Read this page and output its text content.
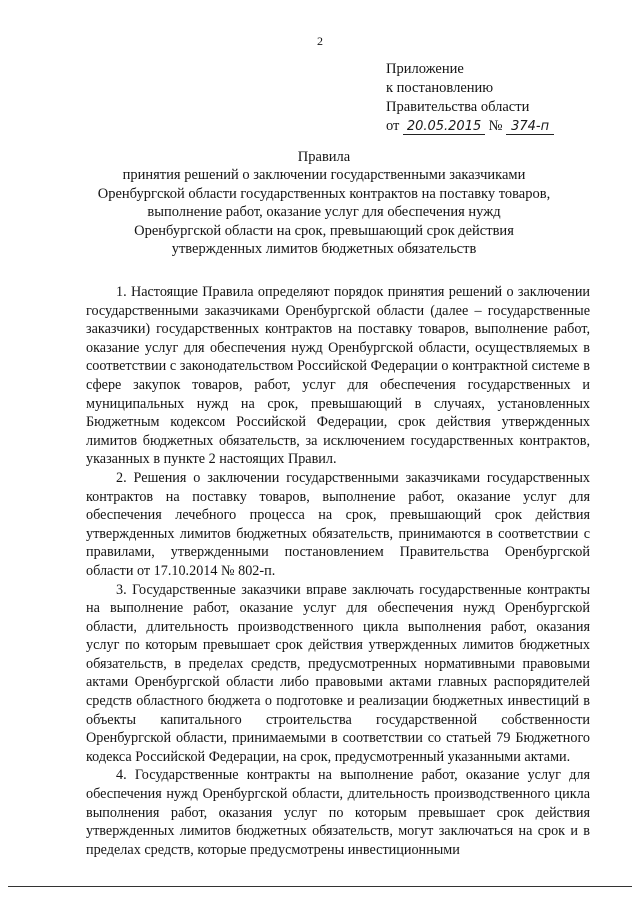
2
Приложение
к постановлению
Правительства области
от 20.05.2015 № 374-п
Правила
принятия решений о заключении государственными заказчиками
Оренбургской области государственных контрактов на поставку товаров,
выполнение работ, оказание услуг для обеспечения нужд
Оренбургской области на срок, превышающий срок действия
утвержденных лимитов бюджетных обязательств

1. Настоящие Правила определяют порядок принятия решений о заключении государственными заказчиками Оренбургской области (далее – государственные заказчики) государственных контрактов на поставку товаров, выполнение работ, оказание услуг для обеспечения нужд Оренбургской области, осуществляемых в соответствии с законодательством Российской Федерации о контрактной системе в сфере закупок товаров, работ, услуг для обеспечения государственных и муниципальных нужд на срок, превышающий в случаях, установленных Бюджетным кодексом Российской Федерации, срок действия утвержденных лимитов бюджетных обязательств, за исключением государственных контрактов, указанных в пункте 2 настоящих Правил.

2. Решения о заключении государственными заказчиками государственных контрактов на поставку товаров, выполнение работ, оказание услуг для обеспечения лечебного процесса на срок, превышающий срок действия утвержденных лимитов бюджетных обязательств, принимаются в соответствии с правилами, утвержденными постановлением Правительства Оренбургской области от 17.10.2014 № 802-п.

3. Государственные заказчики вправе заключать государственные контракты на выполнение работ, оказание услуг для обеспечения нужд Оренбургской области, длительность производственного цикла выполнения работ, оказания услуг по которым превышает срок действия утвержденных лимитов бюджетных обязательств, в пределах средств, предусмотренных нормативными правовыми актами Оренбургской области либо правовыми актами главных распорядителей средств областного бюджета о подготовке и реализации бюджетных инвестиций в объекты капитального строительства государственной собственности Оренбургской области, принимаемыми в соответствии со статьей 79 Бюджетного кодекса Российской Федерации, на срок, предусмотренный указанными актами.

4. Государственные контракты на выполнение работ, оказание услуг для обеспечения нужд Оренбургской области, длительность производственного цикла выполнения работ, оказания услуг по которым превышает срок действия утвержденных лимитов бюджетных обязательств, могут заключаться на срок и в пределах средств, которые предусмотрены инвестиционными
